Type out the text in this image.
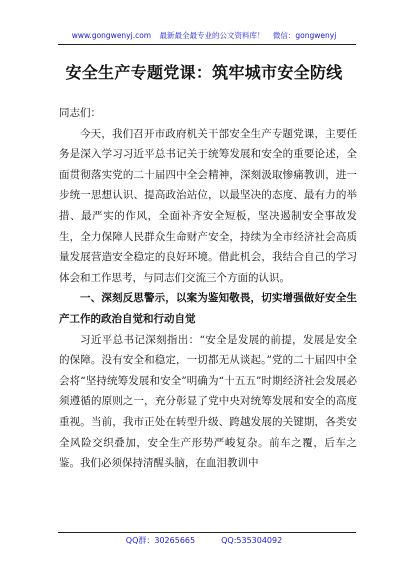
www.gongwenyj.com 最新最全最专业的公文资料库！ 微信：gongwenyj
安全生产专题党课：筑牢城市安全防线

同志们：

今天，我们召开市政府机关干部安全生产专题党课，主要任务是深入学习习近平总书记关于统筹发展和安全的重要论述，全面贯彻落实党的二十届四中全会精神，深刻汲取惨痛教训，进一步统一思想认识、提高政治站位，以最坚决的态度、最有力的举措、最严实的作风，全面补齐安全短板，坚决遏制安全事故发生，全力保障人民群众生命财产安全，持续为全市经济社会高质量发展营造安全稳定的良好环境。借此机会，我结合自己的学习体会和工作思考，与同志们交流三个方面的认识。

一、深刻反思警示，以案为鉴知敬畏，切实增强做好安全生产工作的政治自觉和行动自觉

习近平总书记深刻指出：“安全是发展的前提，发展是安全的保障。没有安全和稳定，一切都无从谈起。”党的二十届四中全会将“坚持统筹发展和安全”明确为“十五五”时期经济社会发展必须遵循的原则之一，充分彰显了党中央对统筹发展和安全的高度重视。当前，我市正处在转型升级、跨越发展的关键期，各类安全风险交织叠加，安全生产形势严峻复杂。前车之覆，后车之鉴。我们必须保持清醒头脑，在血泪教训中

QQ群：30265665	QQ:535304092
